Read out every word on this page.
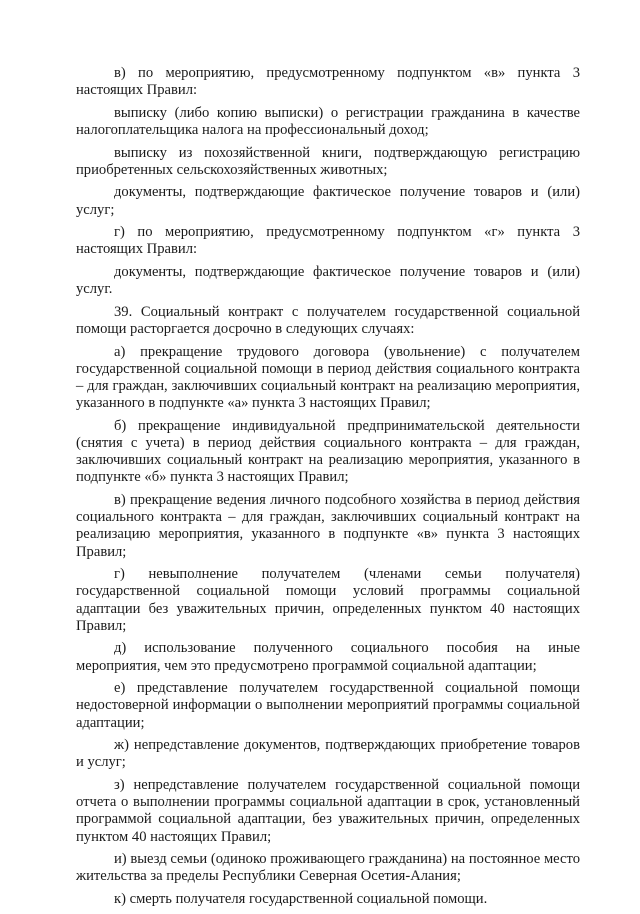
в) по мероприятию, предусмотренному подпунктом «в» пункта 3 настоящих Правил:

выписку (либо копию выписки) о регистрации гражданина в качестве налогоплательщика налога на профессиональный доход;

выписку из похозяйственной книги, подтверждающую регистрацию приобретенных сельскохозяйственных животных;

документы, подтверждающие фактическое получение товаров и (или) услуг;

г) по мероприятию, предусмотренному подпунктом «г» пункта 3 настоящих Правил:

документы, подтверждающие фактическое получение товаров и (или) услуг.

39. Социальный контракт с получателем государственной социальной помощи расторгается досрочно в следующих случаях:

а) прекращение трудового договора (увольнение) с получателем государственной социальной помощи в период действия социального контракта – для граждан, заключивших социальный контракт на реализацию мероприятия, указанного в подпункте «а» пункта 3 настоящих Правил;

б) прекращение индивидуальной предпринимательской деятельности (снятия с учета) в период действия социального контракта – для граждан, заключивших социальный контракт на реализацию мероприятия, указанного в подпункте «б» пункта 3 настоящих Правил;

в) прекращение ведения личного подсобного хозяйства в период действия социального контракта – для граждан, заключивших социальный контракт на реализацию мероприятия, указанного в подпункте «в» пункта 3 настоящих Правил;

г) невыполнение получателем (членами семьи получателя) государственной социальной помощи условий программы социальной адаптации без уважительных причин, определенных пунктом 40 настоящих Правил;

д) использование полученного социального пособия на иные мероприятия, чем это предусмотрено программой социальной адаптации;

е) представление получателем государственной социальной помощи недостоверной информации о выполнении мероприятий программы социальной адаптации;

ж) непредставление документов, подтверждающих приобретение товаров и услуг;

з) непредставление получателем государственной социальной помощи отчета о выполнении программы социальной адаптации в срок, установленный программой социальной адаптации, без уважительных причин, определенных пунктом 40 настоящих Правил;

и) выезд семьи (одиноко проживающего гражданина) на постоянное место жительства за пределы Республики Северная Осетия-Алания;

к) смерть получателя государственной социальной помощи.
